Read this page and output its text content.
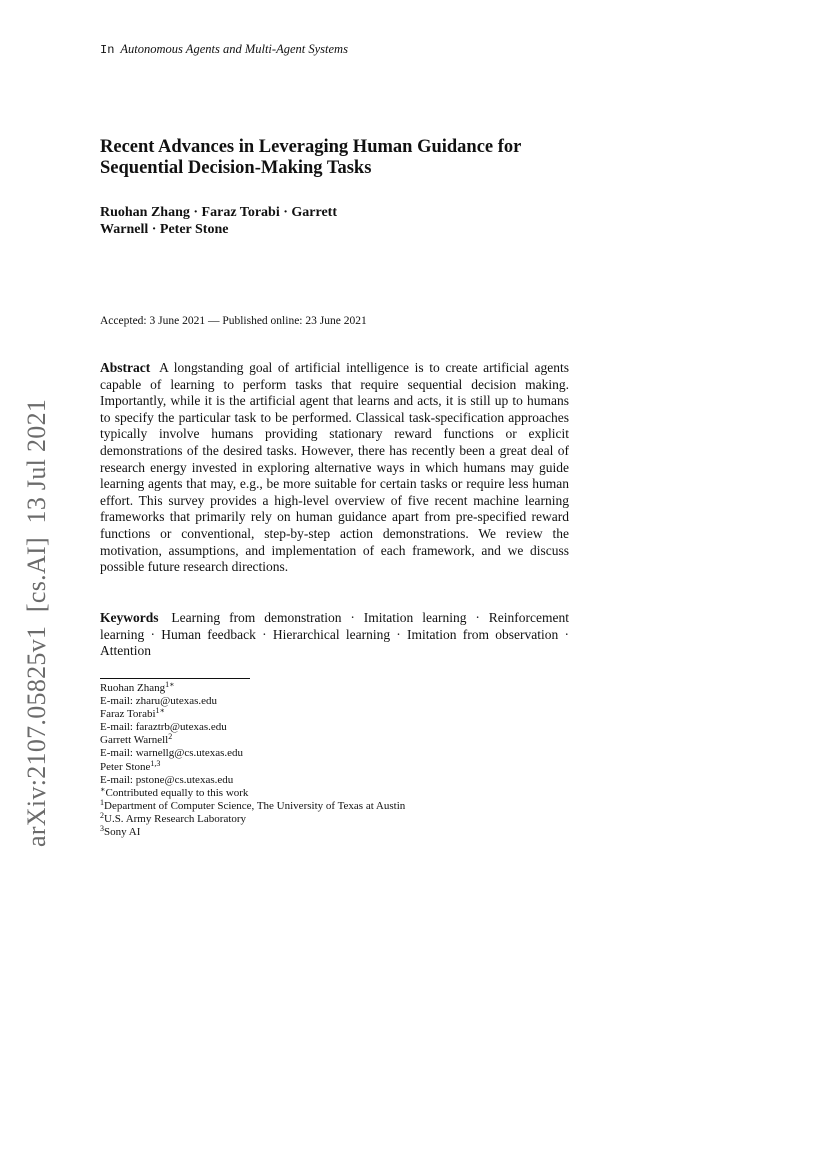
In Autonomous Agents and Multi-Agent Systems
Recent Advances in Leveraging Human Guidance for Sequential Decision-Making Tasks
Ruohan Zhang · Faraz Torabi · Garrett
Warnell · Peter Stone
Accepted: 3 June 2021 — Published online: 23 June 2021
Abstract A longstanding goal of artificial intelligence is to create artificial agents capable of learning to perform tasks that require sequential decision making. Importantly, while it is the artificial agent that learns and acts, it is still up to humans to specify the particular task to be performed. Classical task-specification approaches typically involve humans providing stationary reward functions or explicit demonstrations of the desired tasks. However, there has recently been a great deal of research energy invested in exploring alternative ways in which humans may guide learning agents that may, e.g., be more suitable for certain tasks or require less human effort. This survey provides a high-level overview of five recent machine learning frameworks that primarily rely on human guidance apart from pre-specified reward functions or conventional, step-by-step action demonstrations. We review the motivation, assumptions, and implementation of each framework, and we discuss possible future research directions.
Keywords Learning from demonstration · Imitation learning · Reinforcement learning · Human feedback · Hierarchical learning · Imitation from observation · Attention
Ruohan Zhang$^{1∗}$
E-mail: zharu@utexas.edu
Faraz Torabi$^{1∗}$
E-mail: faraztrb@utexas.edu
Garrett Warnell$^2$
E-mail: warnellg@cs.utexas.edu
Peter Stone$^{1,3}$
E-mail: pstone@cs.utexas.edu
∗Contributed equally to this work
$^1$Department of Computer Science, The University of Texas at Austin
$^2$U.S. Army Research Laboratory
$^3$Sony AI
arXiv:2107.05825v1  [cs.AI]  13 Jul 2021
